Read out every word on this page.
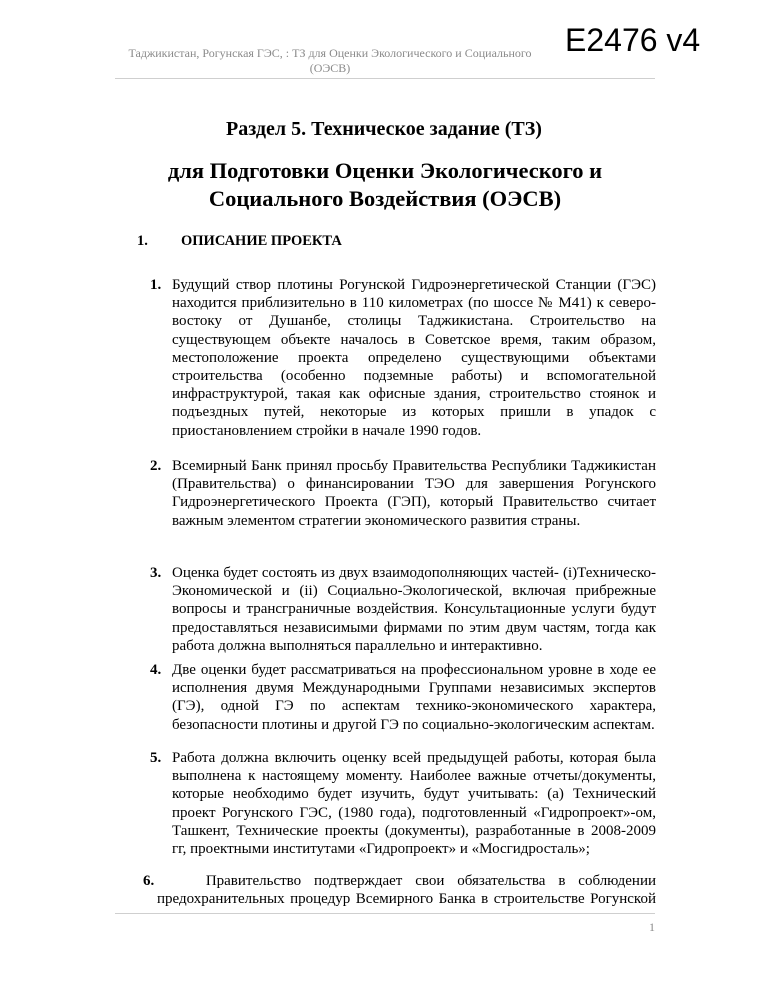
Таджикистан, Рогунская ГЭС, : ТЗ для Оценки Экологического и Социального
(ОЭСВ)
E2476 v4
Раздел 5. Техническое задание (ТЗ)
для Подготовки Оценки Экологического и Социального Воздействия (ОЭСВ)
1. ОПИСАНИЕ ПРОЕКТА
1. Будущий створ плотины Рогунской Гидроэнергетической Станции (ГЭС) находится приблизительно в 110 километрах (по шоссе № M41) к северо-востоку от Душанбе, столицы Таджикистана. Строительство на существующем объекте началось в Советское время, таким образом, местоположение проекта определено существующими объектами строительства (особенно подземные работы) и вспомогательной инфраструктурой, такая как офисные здания, строительство стоянок и подъездных путей, некоторые из которых пришли в упадок с приостановлением стройки в начале 1990 годов.
2. Всемирный Банк принял просьбу Правительства Республики Таджикистан (Правительства) о финансировании ТЭО для завершения Рогунского Гидроэнергетического Проекта (ГЭП), который Правительство считает важным элементом стратегии экономического развития страны.
3. Оценка будет состоять из двух взаимодополняющих частей- (i)Техническо-Экономической и (ii) Социально-Экологической, включая прибрежные вопросы и трансграничные воздействия. Консультационные услуги будут предоставляться независимыми фирмами по этим двум частям, тогда как работа должна выполняться параллельно и интерактивно.
4. Две оценки будет рассматриваться на профессиональном уровне в ходе ее исполнения двумя Международными Группами независимых экспертов (ГЭ), одной ГЭ по аспектам технико-экономического характера, безопасности плотины и другой ГЭ по социально-экологическим аспектам.
5. Работа должна включить оценку всей предыдущей работы, которая была выполнена к настоящему моменту. Наиболее важные отчеты/документы, которые необходимо будет изучить, будут учитывать: (a) Технический проект Рогунского ГЭС, (1980 года), подготовленный «Гидропроект»-ом, Ташкент, Технические проекты (документы), разработанные в 2008-2009 гг, проектными институтами «Гидропроект» и «Мосгидросталь»;
6.	Правительство подтверждает свои обязательства в соблюдении
предохранительных процедур Всемирного Банка в строительстве Рогунской
1
